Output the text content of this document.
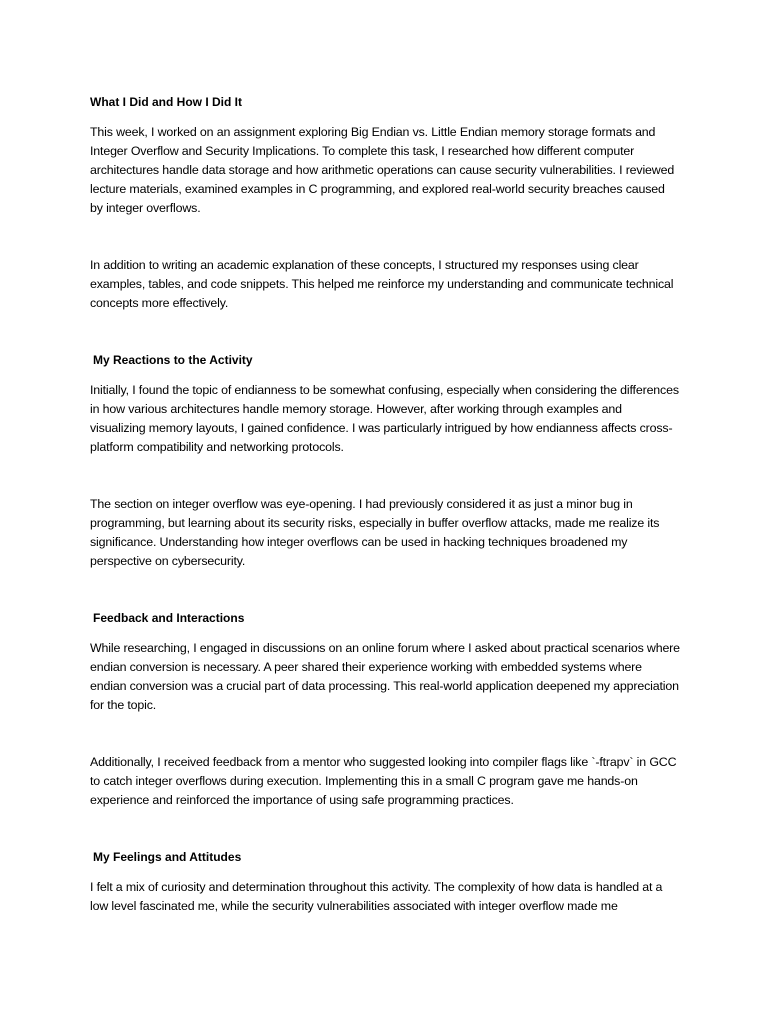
What I Did and How I Did It

This week, I worked on an assignment exploring Big Endian vs. Little Endian memory storage formats and Integer Overflow and Security Implications. To complete this task, I researched how different computer architectures handle data storage and how arithmetic operations can cause security vulnerabilities. I reviewed lecture materials, examined examples in C programming, and explored real-world security breaches caused by integer overflows.

In addition to writing an academic explanation of these concepts, I structured my responses using clear examples, tables, and code snippets. This helped me reinforce my understanding and communicate technical concepts more effectively.

My Reactions to the Activity

Initially, I found the topic of endianness to be somewhat confusing, especially when considering the differences in how various architectures handle memory storage. However, after working through examples and visualizing memory layouts, I gained confidence. I was particularly intrigued by how endianness affects cross-platform compatibility and networking protocols.

The section on integer overflow was eye-opening. I had previously considered it as just a minor bug in programming, but learning about its security risks, especially in buffer overflow attacks, made me realize its significance. Understanding how integer overflows can be used in hacking techniques broadened my perspective on cybersecurity.

Feedback and Interactions

While researching, I engaged in discussions on an online forum where I asked about practical scenarios where endian conversion is necessary. A peer shared their experience working with embedded systems where endian conversion was a crucial part of data processing. This real-world application deepened my appreciation for the topic.

Additionally, I received feedback from a mentor who suggested looking into compiler flags like `-ftrapv` in GCC to catch integer overflows during execution. Implementing this in a small C program gave me hands-on experience and reinforced the importance of using safe programming practices.

My Feelings and Attitudes

I felt a mix of curiosity and determination throughout this activity. The complexity of how data is handled at a low level fascinated me, while the security vulnerabilities associated with integer overflow made me
